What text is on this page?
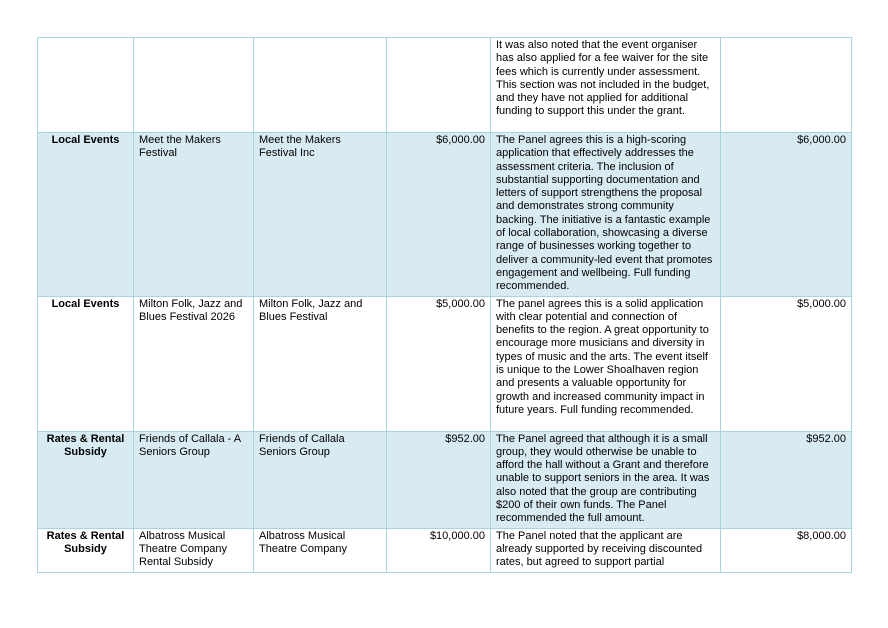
				It was also noted that the event organiser has also applied for a fee waiver for the site fees which is currently under assessment. This section was not included in the budget, and they have not applied for additional funding to support this under the grant.	
Local Events	Meet the Makers Festival	Meet the Makers Festival Inc	$6,000.00	The Panel agrees this is a high-scoring application that effectively addresses the assessment criteria. The inclusion of substantial supporting documentation and letters of support strengthens the proposal and demonstrates strong community backing. The initiative is a fantastic example of local collaboration, showcasing a diverse range of businesses working together to deliver a community-led event that promotes engagement and wellbeing. Full funding recommended.	$6,000.00
Local Events	Milton Folk, Jazz and Blues Festival 2026	Milton Folk, Jazz and Blues Festival	$5,000.00	The panel agrees this is a solid application with clear potential and connection of benefits to the region. A great opportunity to encourage more musicians and diversity in types of music and the arts. The event itself is unique to the Lower Shoalhaven region and presents a valuable opportunity for growth and increased community impact in future years. Full funding recommended.	$5,000.00
Rates & Rental Subsidy	Friends of Callala - A Seniors Group	Friends of Callala Seniors Group	$952.00	The Panel agreed that although it is a small group, they would otherwise be unable to afford the hall without a Grant and therefore unable to support seniors in the area. It was also noted that the group are contributing $200 of their own funds. The Panel recommended the full amount.	$952.00
Rates & Rental Subsidy	Albatross Musical Theatre Company Rental Subsidy	Albatross Musical Theatre Company	$10,000.00	The Panel noted that the applicant are already supported by receiving discounted rates, but agreed to support partial	$8,000.00
